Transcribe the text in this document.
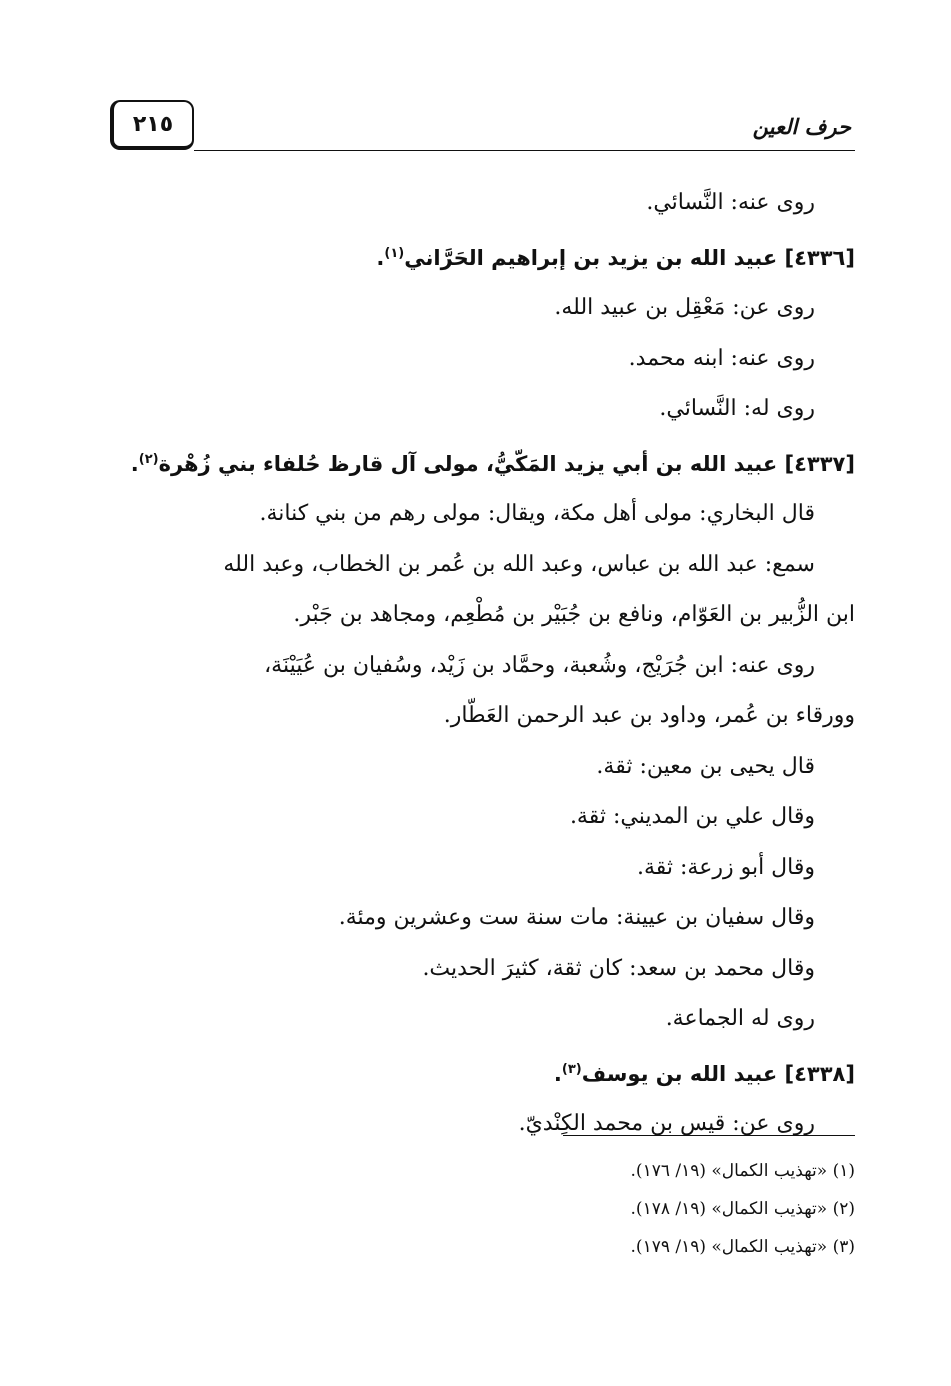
٢١٥	حرف العين
روى عنه: النَّسائي.
[٤٣٣٦] عبيد الله بن يزيد بن إبراهيم الحَرَّاني$^{(١)}$.
روى عن: مَعْقِل بن عبيد الله.
روى عنه: ابنه محمد.
روى له: النَّسائي.
[٤٣٣٧] عبيد الله بن أبي يزيد المَكّيُّ، مولى آل قارظ حُلفاء بني زُهْرة$^{(٢)}$.
قال البخاري: مولى أهل مكة، ويقال: مولى رهم من بني كنانة.
سمع: عبد الله بن عباس، وعبد الله بن عُمر بن الخطاب، وعبد الله
ابن الزُّبير بن العَوّام، ونافع بن جُبَيْر بن مُطْعِم، ومجاهد بن جَبْر.
روى عنه: ابن جُرَيْج، وشُعبة، وحمَّاد بن زَيْد، وسُفيان بن عُيَيْنَة،
وورقاء بن عُمر، وداود بن عبد الرحمن العَطّار.
قال يحيى بن معين: ثقة.
وقال علي بن المديني: ثقة.
وقال أبو زرعة: ثقة.
وقال سفيان بن عيينة: مات سنة ست وعشرين ومئة.
وقال محمد بن سعد: كان ثقة، كثيرَ الحديث.
روى له الجماعة.
[٤٣٣٨] عبيد الله بن يوسف$^{(٣)}$.
روى عن: قيس بن محمد الكِنْديّ.
(١) «تهذيب الكمال» (١٩/ ١٧٦).
(٢) «تهذيب الكمال» (١٩/ ١٧٨).
(٣) «تهذيب الكمال» (١٩/ ١٧٩).
